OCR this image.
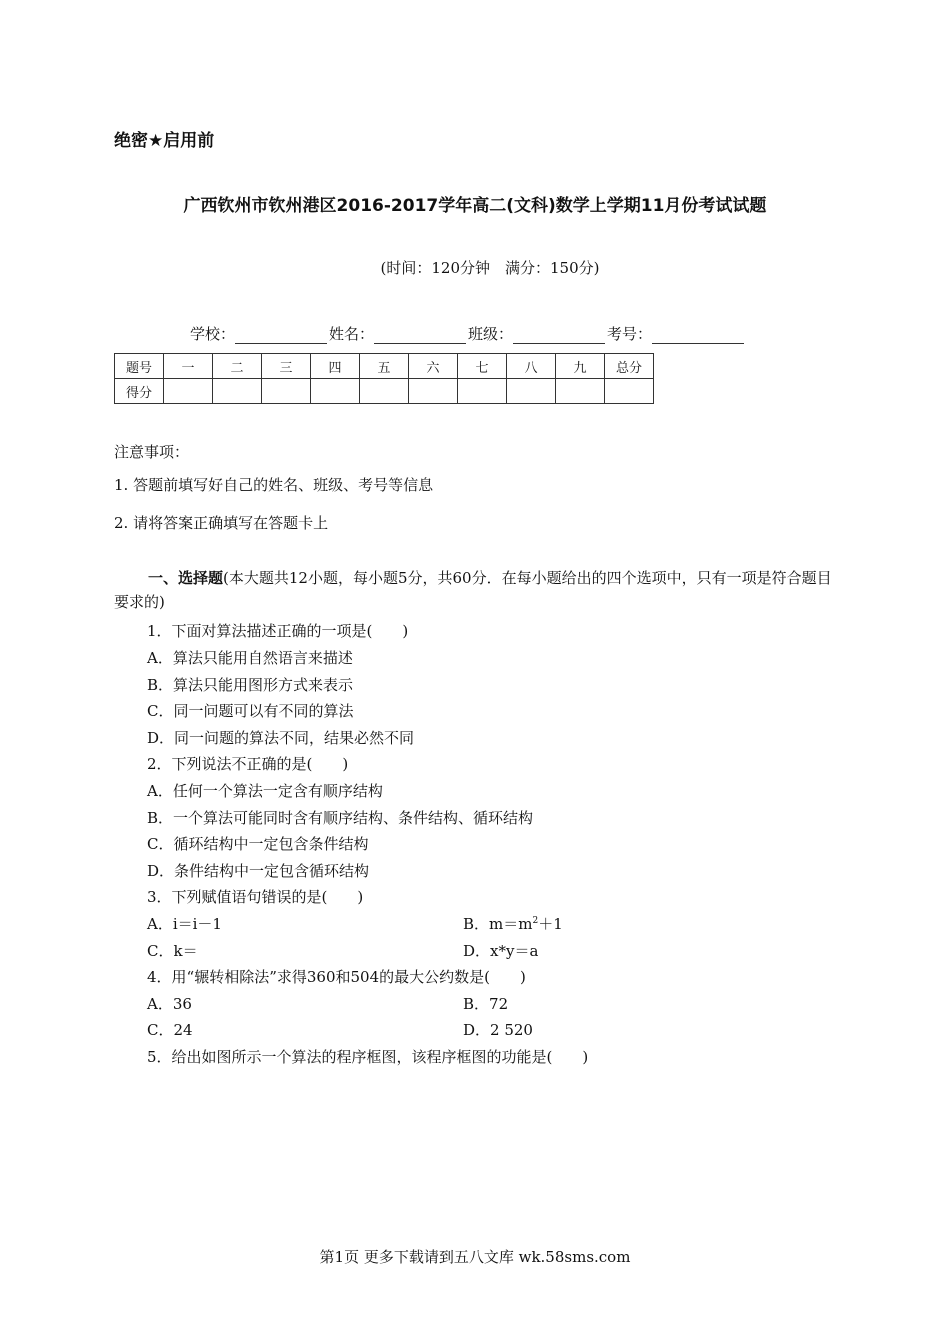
绝密★启用前
广西钦州市钦州港区2016-2017学年高二(文科)数学上学期11月份考试试题
(时间：120分钟　满分：150分)
学校：	姓名：	班级：	考号：
题号	一	二	三	四	五	六	七	八	九	总分
得分										
注意事项：
1. 答题前填写好自己的姓名、班级、考号等信息
2. 请将答案正确填写在答题卡上
一、选择题(本大题共12小题，每小题5分，共60分．在每小题给出的四个选项中，只有一项是符合题目要求的)
1．下面对算法描述正确的一项是(　　)
A．算法只能用自然语言来描述
B．算法只能用图形方式来表示
C．同一问题可以有不同的算法
D．同一问题的算法不同，结果必然不同
2．下列说法不正确的是(　　)
A．任何一个算法一定含有顺序结构
B．一个算法可能同时含有顺序结构、条件结构、循环结构
C．循环结构中一定包含条件结构
D．条件结构中一定包含循环结构
3．下列赋值语句错误的是(　　)
A．i＝i－1	B．$m=m^2+1$
C．k＝	D．x*y＝a
4．用“辗转相除法”求得360和504的最大公约数是(　　)
A．36	B．72
C．24	D．2 520
5．给出如图所示一个算法的程序框图，该程序框图的功能是(　　)
第1页 更多下载请到五八文库 wk.58sms.com
